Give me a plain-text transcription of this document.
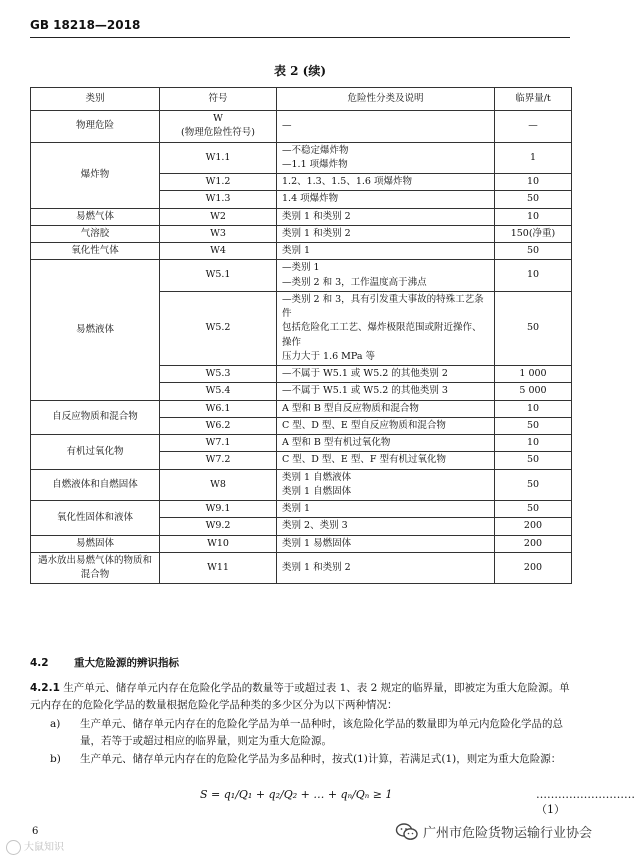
GB 18218—2018
表 2 (续)
类别	符号	危险性分类及说明	临界量/t
物理危险	W
(物理危险性符号)	—	—
爆炸物	W1.1	—不稳定爆炸物
—1.1 项爆炸物	1

	W1.2	1.2、1.3、1.5、1.6 项爆炸物	10

	W1.3	1.4 项爆炸物	50
易燃气体	W2	类别 1 和类别 2	10
气溶胶	W3	类别 1 和类别 2	150(净重)
氧化性气体	W4	类别 1	50
易燃液体	W5.1	—类别 1
—类别 2 和 3，工作温度高于沸点	10

	W5.2	—类别 2 和 3，具有引发重大事故的特殊工艺条件
包括危险化工工艺、爆炸极限范围或附近操作、操作
压力大于 1.6 MPa 等	50

	W5.3	—不属于 W5.1 或 W5.2 的其他类别 2	1 000

	W5.4	—不属于 W5.1 或 W5.2 的其他类别 3	5 000
自反应物质和混合物	W6.1	A 型和 B 型自反应物质和混合物	10

	W6.2	C 型、D 型、E 型自反应物质和混合物	50
有机过氧化物	W7.1	A 型和 B 型有机过氧化物	10

	W7.2	C 型、D 型、E 型、F 型有机过氧化物	50
自燃液体和自燃固体	W8	类别 1 自燃液体
类别 1 自燃固体	50
氧化性固体和液体	W9.1	类别 1	50

	W9.2	类别 2、类别 3	200
易燃固体	W10	类别 1 易燃固体	200
遇水放出易燃气体的物质和混合物	W11	类别 1 和类别 2	200
4.2 重大危险源的辨识指标
4.2.1 生产单元、储存单元内存在危险化学品的数量等于或超过表 1、表 2 规定的临界量，即被定为重大危险源。单元内存在的危险化学品的数量根据危险化学品种类的多少区分为以下两种情况：
a) 生产单元、储存单元内存在的危险化学品为单一品种时，该危险化学品的数量即为单元内危险化学品的总量，若等于或超过相应的临界量，则定为重大危险源。
b) 生产单元、储存单元内存在的危险化学品为多品种时，按式(1)计算，若满足式(1)，则定为重大危险源：
S = q₁/Q₁ + q₂/Q₂ + … + qₙ/Qₙ ≥ 1	………………………（1）
6
大鼠知识
广州市危险货物运输行业协会
